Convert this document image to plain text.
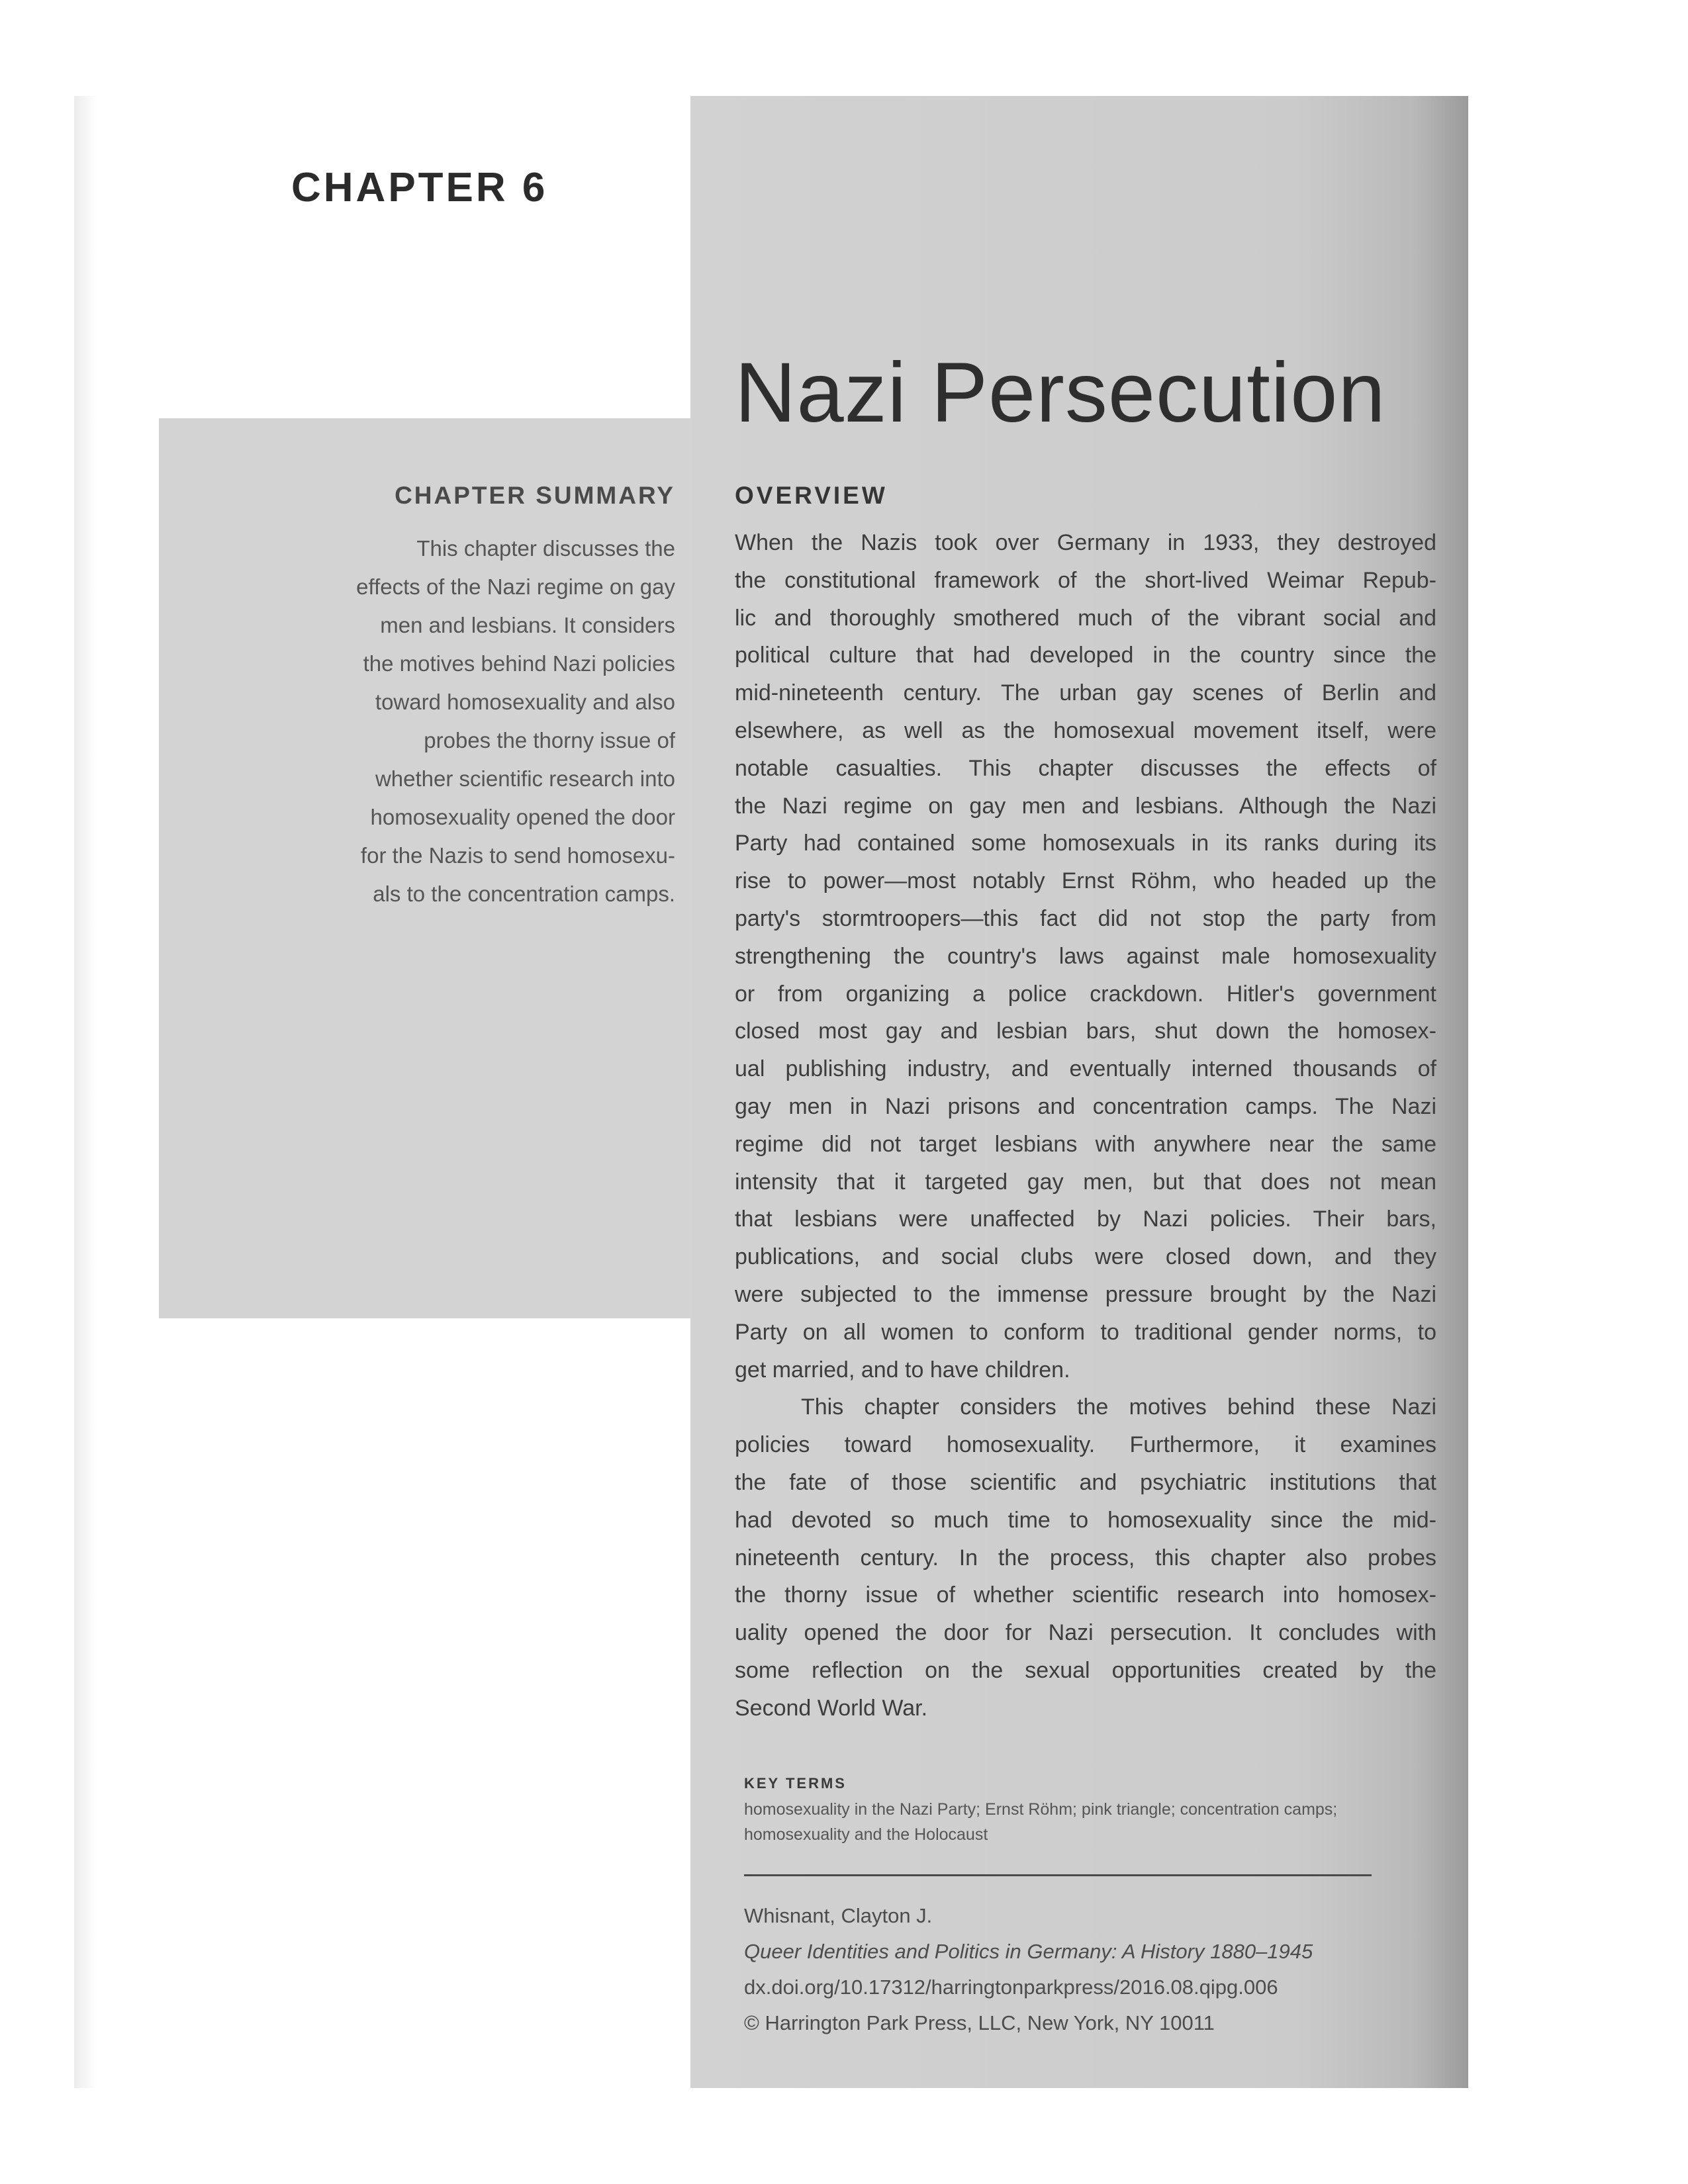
CHAPTER 6
Nazi Persecution
CHAPTER SUMMARY
This chapter discusses the
effects of the Nazi regime on gay
men and lesbians. It considers
the motives behind Nazi policies
toward homosexuality and also
probes the thorny issue of
whether scientific research into
homosexuality opened the door
for the Nazis to send homosexu-
als to the concentration camps.
OVERVIEW
When the Nazis took over Germany in 1933, they destroyed
the constitutional framework of the short-lived Weimar Repub-
lic and thoroughly smothered much of the vibrant social and
political culture that had developed in the country since the
mid-nineteenth century. The urban gay scenes of Berlin and
elsewhere, as well as the homosexual movement itself, were
notable casualties. This chapter discusses the effects of
the Nazi regime on gay men and lesbians. Although the Nazi
Party had contained some homosexuals in its ranks during its
rise to power—most notably Ernst Röhm, who headed up the
party's stormtroopers—this fact did not stop the party from
strengthening the country's laws against male homosexuality
or from organizing a police crackdown. Hitler's government
closed most gay and lesbian bars, shut down the homosex-
ual publishing industry, and eventually interned thousands of
gay men in Nazi prisons and concentration camps. The Nazi
regime did not target lesbians with anywhere near the same
intensity that it targeted gay men, but that does not mean
that lesbians were unaffected by Nazi policies. Their bars,
publications, and social clubs were closed down, and they
were subjected to the immense pressure brought by the Nazi
Party on all women to conform to traditional gender norms, to
get married, and to have children.
This chapter considers the motives behind these Nazi
policies toward homosexuality. Furthermore, it examines
the fate of those scientific and psychiatric institutions that
had devoted so much time to homosexuality since the mid-
nineteenth century. In the process, this chapter also probes
the thorny issue of whether scientific research into homosex-
uality opened the door for Nazi persecution. It concludes with
some reflection on the sexual opportunities created by the
Second World War.
KEY TERMS
homosexuality in the Nazi Party; Ernst Röhm; pink triangle; concentration camps;
homosexuality and the Holocaust
Whisnant, Clayton J.
Queer Identities and Politics in Germany: A History 1880–1945
dx.doi.org/10.17312/harringtonparkpress/2016.08.qipg.006
© Harrington Park Press, LLC, New York, NY 10011
